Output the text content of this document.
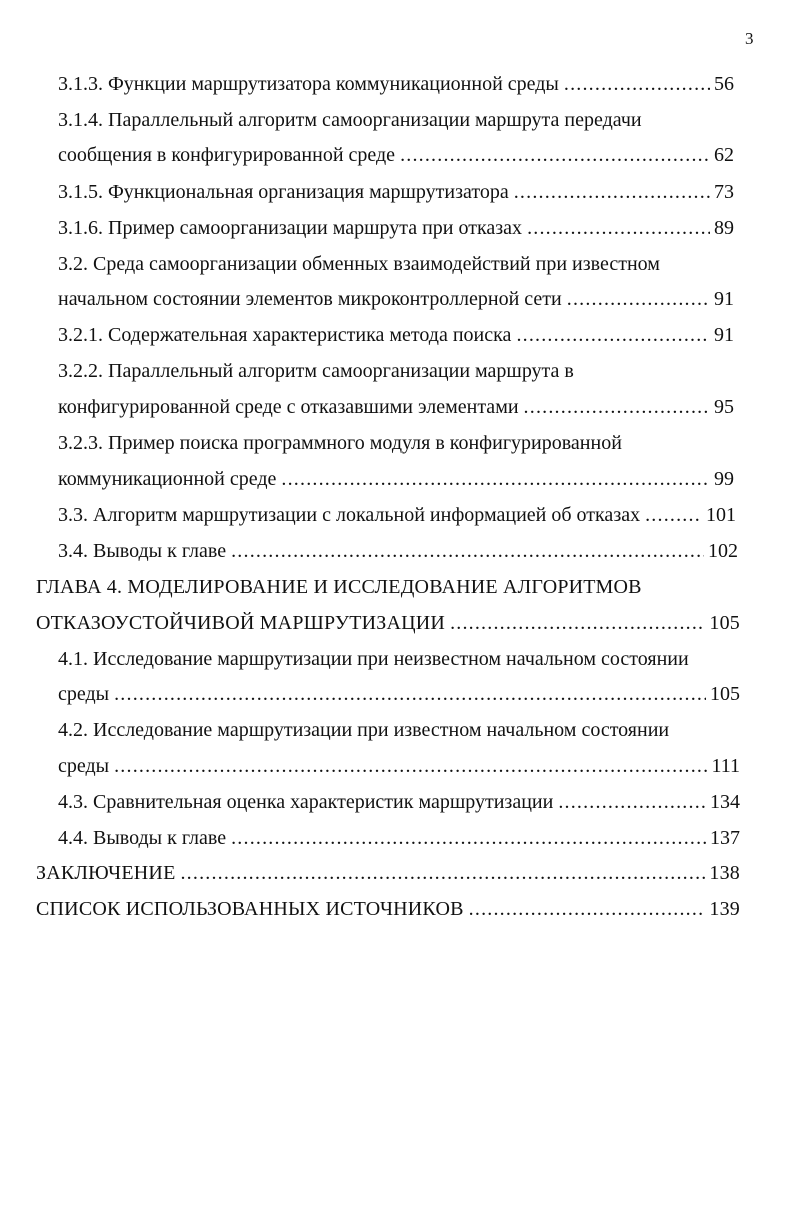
3
3.1.3. Функции маршрутизатора коммуникационной среды .....	56
3.1.4. Параллельный алгоритм самоорганизации маршрута передачи
сообщения в конфигурированной среде .....	62
3.1.5. Функциональная организация маршрутизатора .....	73
3.1.6. Пример самоорганизации маршрута при отказах .....	89
3.2. Среда самоорганизации обменных взаимодействий при известном
начальном состоянии элементов микроконтроллерной сети .....	91
3.2.1. Содержательная характеристика метода поиска .....	91
3.2.2. Параллельный алгоритм самоорганизации маршрута в
конфигурированной среде с отказавшими элементами .....	95
3.2.3. Пример поиска программного модуля в конфигурированной
коммуникационной среде .....	99
3.3. Алгоритм маршрутизации с локальной информацией об отказах .....	101
3.4. Выводы к главе .....	102
ГЛАВА 4. МОДЕЛИРОВАНИЕ И ИССЛЕДОВАНИЕ АЛГОРИТМОВ
ОТКАЗОУСТОЙЧИВОЙ МАРШРУТИЗАЦИИ .....	105
4.1. Исследование маршрутизации при неизвестном начальном состоянии
среды .....	105
4.2. Исследование маршрутизации при известном начальном состоянии
среды .....	111
4.3. Сравнительная оценка характеристик маршрутизации .....	134
4.4. Выводы к главе .....	137
ЗАКЛЮЧЕНИЕ .....	138
СПИСОК ИСПОЛЬЗОВАННЫХ ИСТОЧНИКОВ .....	139
